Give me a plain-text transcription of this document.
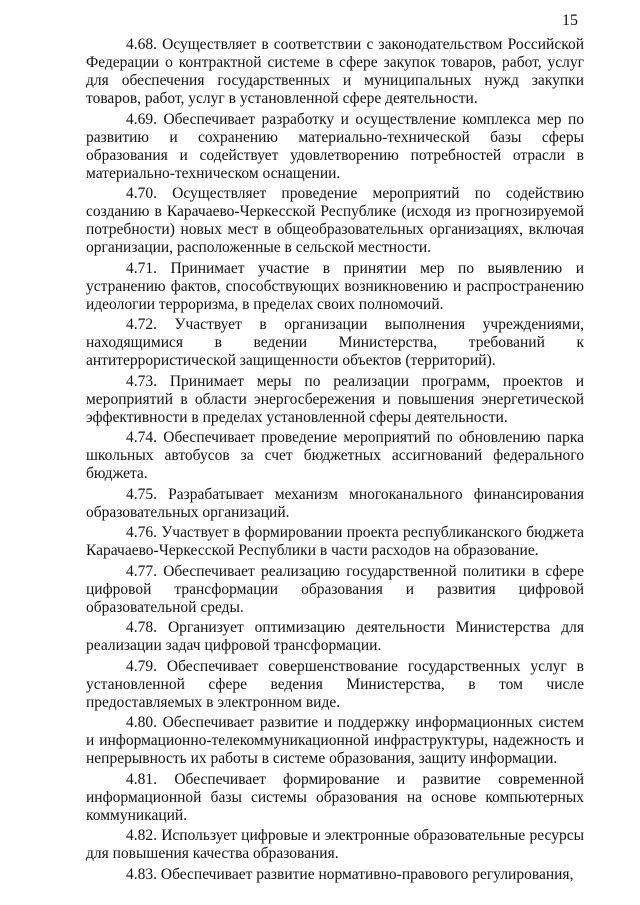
15

4.68. Осуществляет в соответствии с законодательством Российской Федерации о контрактной системе в сфере закупок товаров, работ, услуг для обеспечения государственных и муниципальных нужд закупки товаров, работ, услуг в установленной сфере деятельности.

4.69. Обеспечивает разработку и осуществление комплекса мер по развитию и сохранению материально-технической базы сферы образования и содействует удовлетворению потребностей отрасли в материально-техническом оснащении.

4.70. Осуществляет проведение мероприятий по содействию созданию в Карачаево-Черкесской Республике (исходя из прогнозируемой потребности) новых мест в общеобразовательных организациях, включая организации, расположенные в сельской местности.

4.71. Принимает участие в принятии мер по выявлению и устранению фактов, способствующих возникновению и распространению идеологии терроризма, в пределах своих полномочий.

4.72. Участвует в организации выполнения учреждениями, находящимися в ведении Министерства, требований к антитеррористической защищенности объектов (территорий).

4.73. Принимает меры по реализации программ, проектов и мероприятий в области энергосбережения и повышения энергетической эффективности в пределах установленной сферы деятельности.

4.74. Обеспечивает проведение мероприятий по обновлению парка школьных автобусов за счет бюджетных ассигнований федерального бюджета.

4.75. Разрабатывает механизм многоканального финансирования образовательных организаций.

4.76. Участвует в формировании проекта республиканского бюджета Карачаево-Черкесской Республики в части расходов на образование.

4.77. Обеспечивает реализацию государственной политики в сфере цифровой трансформации образования и развития цифровой образовательной среды.

4.78. Организует оптимизацию деятельности Министерства для реализации задач цифровой трансформации.

4.79. Обеспечивает совершенствование государственных услуг в установленной сфере ведения Министерства, в том числе предоставляемых в электронном виде.

4.80. Обеспечивает развитие и поддержку информационных систем и информационно-телекоммуникационной инфраструктуры, надежность и непрерывность их работы в системе образования, защиту информации.

4.81. Обеспечивает формирование и развитие современной информационной базы системы образования на основе компьютерных коммуникаций.

4.82. Использует цифровые и электронные образовательные ресурсы для повышения качества образования.

4.83. Обеспечивает развитие нормативно-правового регулирования,
